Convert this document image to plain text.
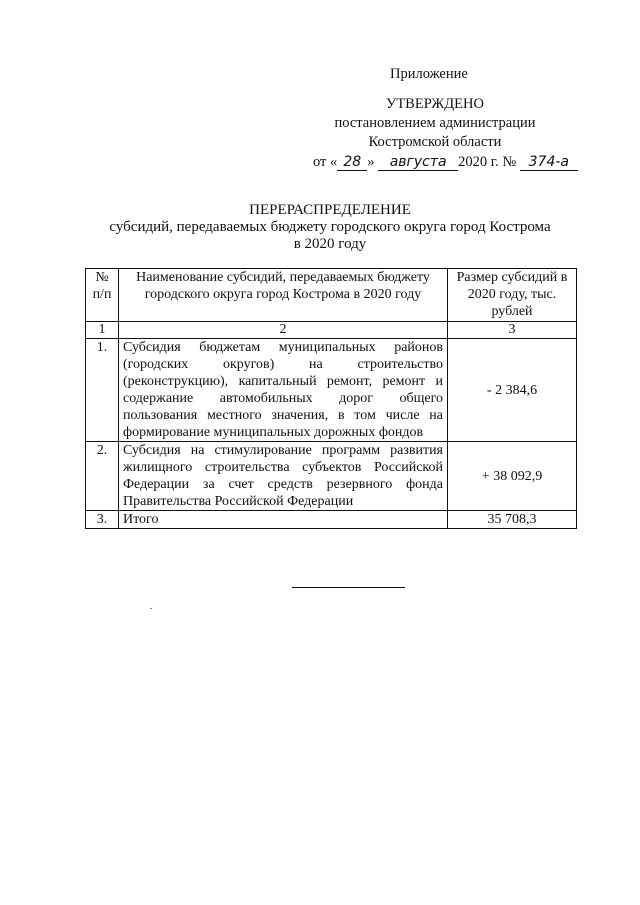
Приложение
УТВЕРЖДЕНО
постановлением администрации
Костромской области
от « 28 » августа 2020 г. № 374-а
ПЕРЕРАСПРЕДЕЛЕНИЕ
субсидий, передаваемых бюджету городского округа город Кострома
в 2020 году
№ п/п	Наименование субсидий, передаваемых бюджету городского округа город Кострома в 2020 году	Размер субсидий в 2020 году, тыс. рублей
1	2	3
1.	Субсидия бюджетам муниципальных районов (городских округов) на строительство (реконструкцию), капитальный ремонт, ремонт и содержание автомобильных дорог общего пользования местного значения, в том числе на формирование муниципальных дорожных фондов	- 2 384,6
2.	Субсидия на стимулирование программ развития жилищного строительства субъектов Российской Федерации за счет средств резервного фонда Правительства Российской Федерации	+ 38 092,9
3.	Итого	35 708,3
